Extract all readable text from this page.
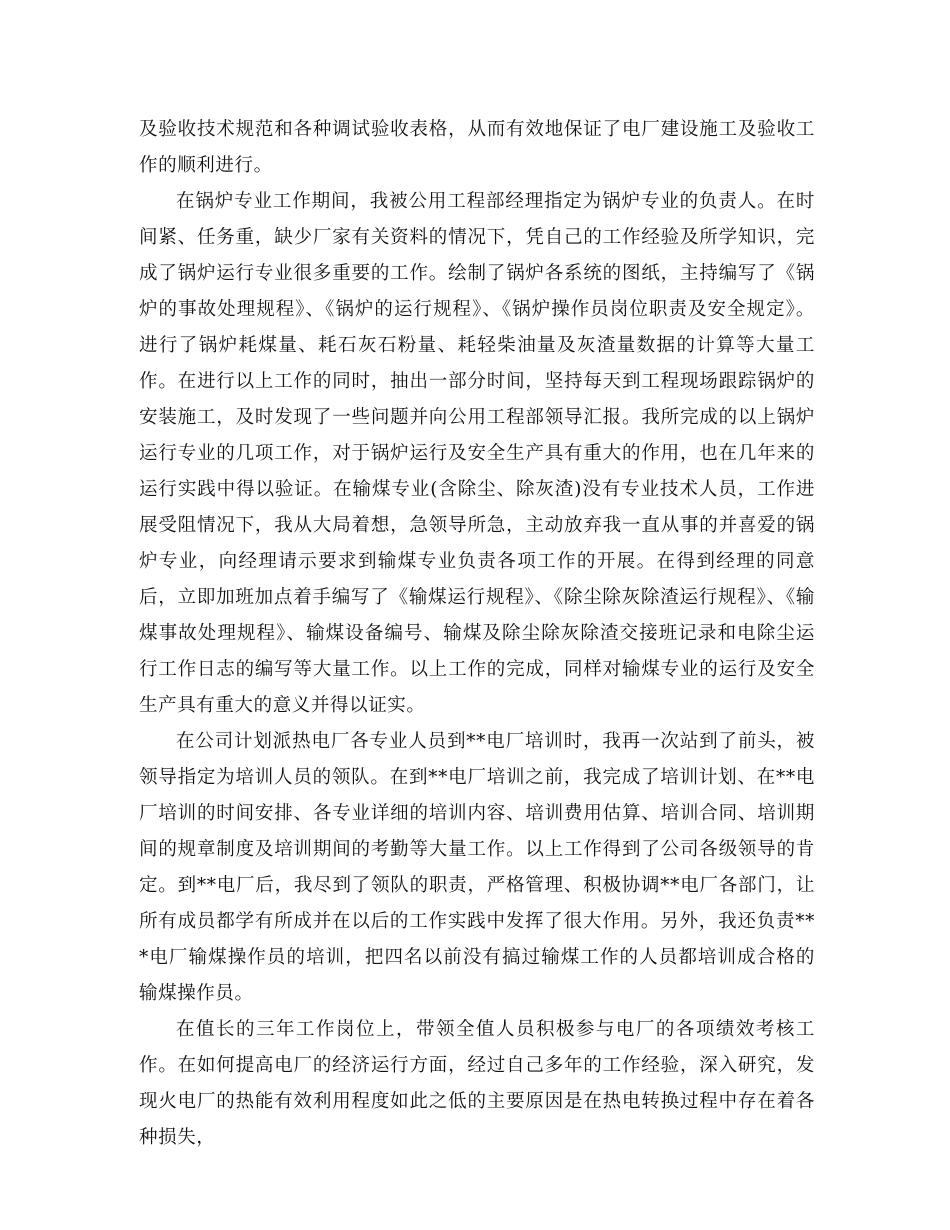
及验收技术规范和各种调试验收表格，从而有效地保证了电厂建设施工及验收工作的顺利进行。

在锅炉专业工作期间，我被公用工程部经理指定为锅炉专业的负责人。在时间紧、任务重，缺少厂家有关资料的情况下，凭自己的工作经验及所学知识，完成了锅炉运行专业很多重要的工作。绘制了锅炉各系统的图纸，主持编写了《锅炉的事故处理规程》、《锅炉的运行规程》、《锅炉操作员岗位职责及安全规定》。进行了锅炉耗煤量、耗石灰石粉量、耗轻柴油量及灰渣量数据的计算等大量工作。在进行以上工作的同时，抽出一部分时间，坚持每天到工程现场跟踪锅炉的安装施工，及时发现了一些问题并向公用工程部领导汇报。我所完成的以上锅炉运行专业的几项工作，对于锅炉运行及安全生产具有重大的作用，也在几年来的运行实践中得以验证。在输煤专业(含除尘、除灰渣)没有专业技术人员，工作进展受阻情况下，我从大局着想，急领导所急，主动放弃我一直从事的并喜爱的锅炉专业，向经理请示要求到输煤专业负责各项工作的开展。在得到经理的同意后，立即加班加点着手编写了《输煤运行规程》、《除尘除灰除渣运行规程》、《输煤事故处理规程》、输煤设备编号、输煤及除尘除灰除渣交接班记录和电除尘运行工作日志的编写等大量工作。以上工作的完成，同样对输煤专业的运行及安全生产具有重大的意义并得以证实。

在公司计划派热电厂各专业人员到**电厂培训时，我再一次站到了前头，被领导指定为培训人员的领队。在到**电厂培训之前，我完成了培训计划、在**电厂培训的时间安排、各专业详细的培训内容、培训费用估算、培训合同、培训期间的规章制度及培训期间的考勤等大量工作。以上工作得到了公司各级领导的肯定。到**电厂后，我尽到了领队的职责，严格管理、积极协调**电厂各部门，让所有成员都学有所成并在以后的工作实践中发挥了很大作用。另外，我还负责***电厂输煤操作员的培训，把四名以前没有搞过输煤工作的人员都培训成合格的输煤操作员。

在值长的三年工作岗位上，带领全值人员积极参与电厂的各项绩效考核工作。在如何提高电厂的经济运行方面，经过自己多年的工作经验，深入研究，发现火电厂的热能有效利用程度如此之低的主要原因是在热电转换过程中存在着各种损失，
